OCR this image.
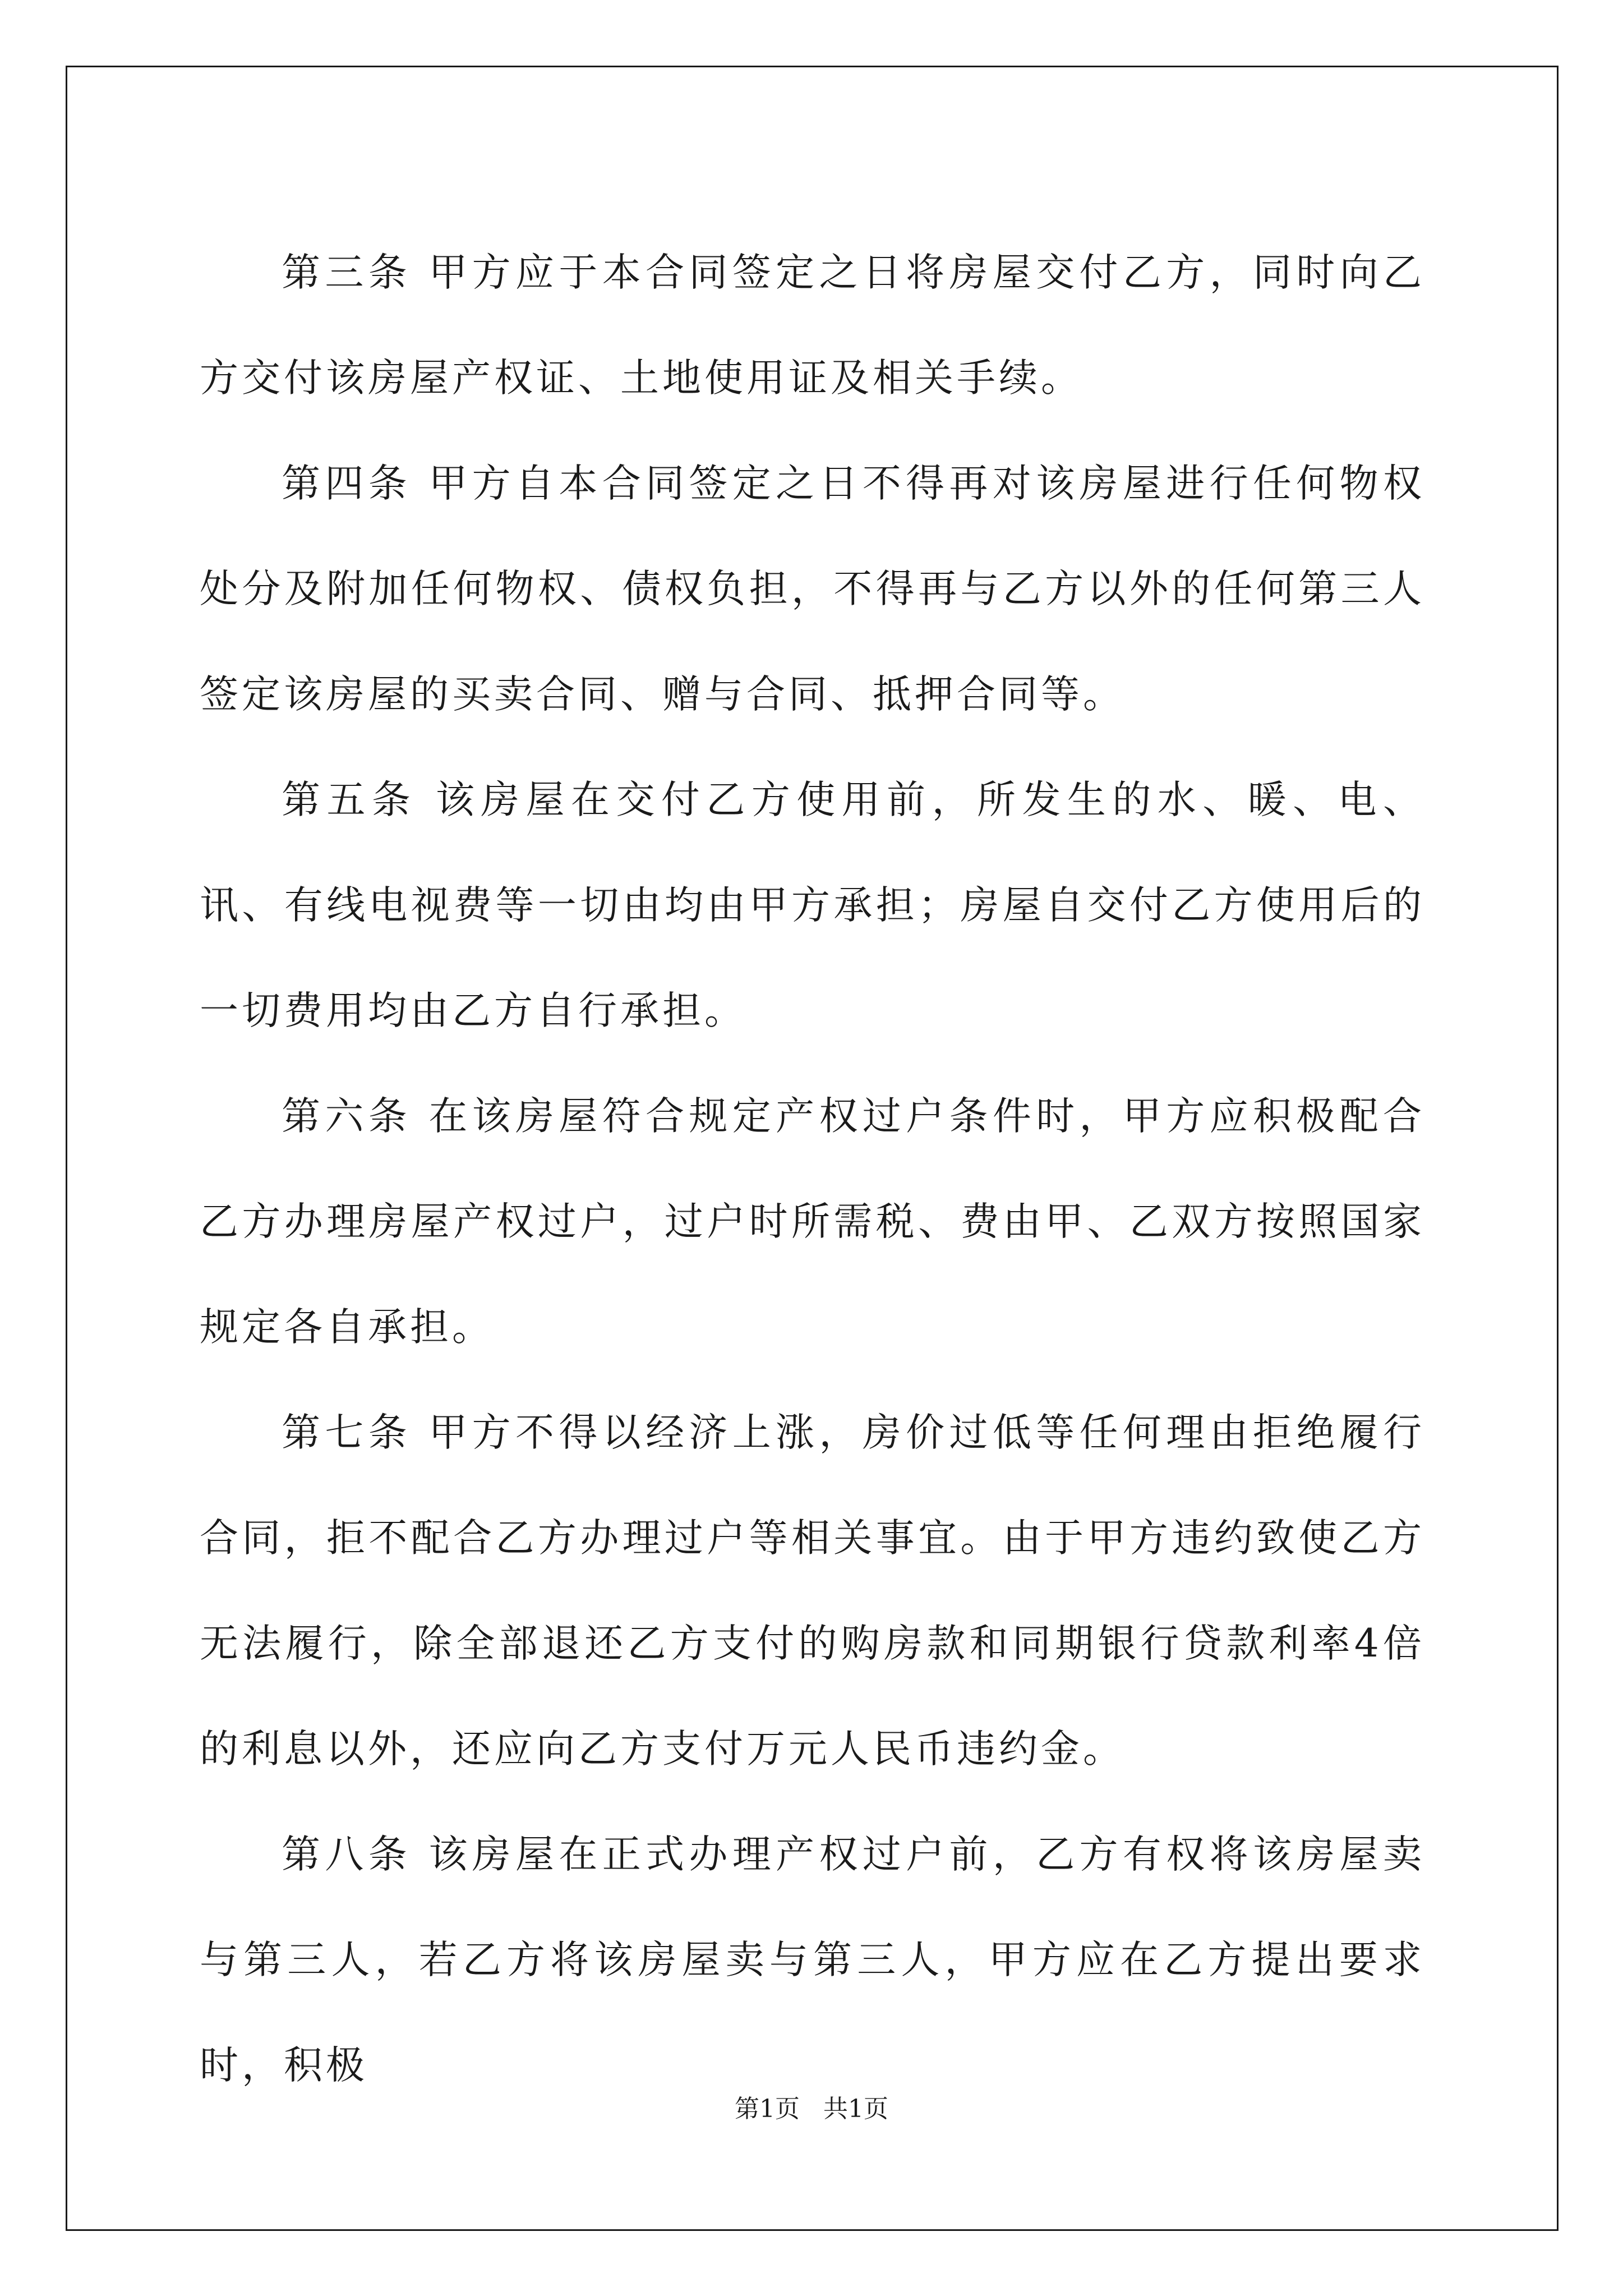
第三条 甲方应于本合同签定之日将房屋交付乙方，同时向乙方交付该房屋产权证、土地使用证及相关手续。

第四条 甲方自本合同签定之日不得再对该房屋进行任何物权处分及附加任何物权、债权负担，不得再与乙方以外的任何第三人签定该房屋的买卖合同、赠与合同、抵押合同等。

第五条 该房屋在交付乙方使用前，所发生的水、暖、电、讯、有线电视费等一切由均由甲方承担；房屋自交付乙方使用后的一切费用均由乙方自行承担。

第六条 在该房屋符合规定产权过户条件时，甲方应积极配合乙方办理房屋产权过户，过户时所需税、费由甲、乙双方按照国家规定各自承担。

第七条 甲方不得以经济上涨，房价过低等任何理由拒绝履行合同，拒不配合乙方办理过户等相关事宜。由于甲方违约致使乙方无法履行，除全部退还乙方支付的购房款和同期银行贷款利率4倍的利息以外，还应向乙方支付万元人民币违约金。

第八条 该房屋在正式办理产权过户前，乙方有权将该房屋卖与第三人，若乙方将该房屋卖与第三人，甲方应在乙方提出要求时，积极

第1页 共1页
